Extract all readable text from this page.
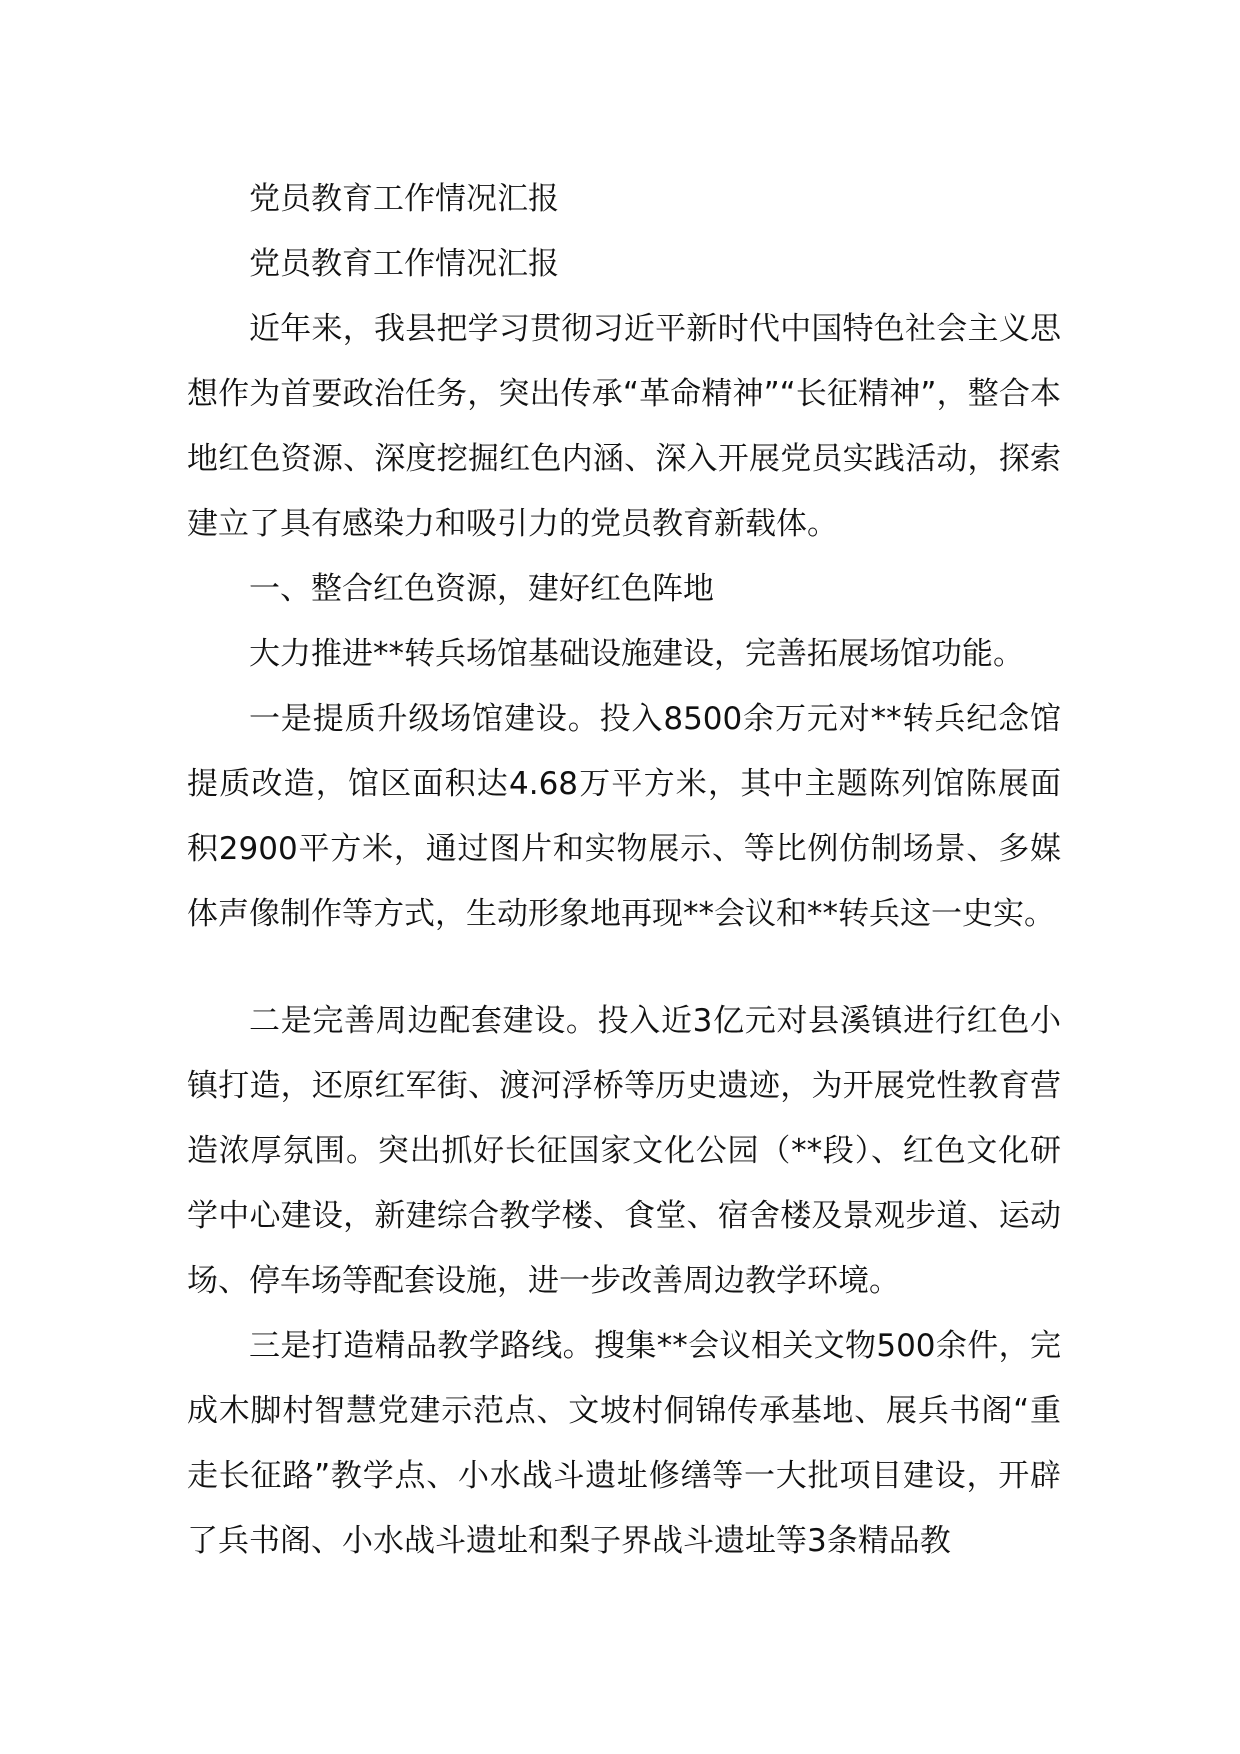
党员教育工作情况汇报

党员教育工作情况汇报

近年来，我县把学习贯彻习近平新时代中国特色社会主义思想作为首要政治任务，突出传承“革命精神”“长征精神”，整合本地红色资源、深度挖掘红色内涵、深入开展党员实践活动，探索建立了具有感染力和吸引力的党员教育新载体。

一、整合红色资源，建好红色阵地

大力推进**转兵场馆基础设施建设，完善拓展场馆功能。

一是提质升级场馆建设。投入8500余万元对**转兵纪念馆提质改造，馆区面积达4.68万平方米，其中主题陈列馆陈展面积2900平方米，通过图片和实物展示、等比例仿制场景、多媒体声像制作等方式，生动形象地再现**会议和**转兵这一史实。

二是完善周边配套建设。投入近3亿元对县溪镇进行红色小镇打造，还原红军街、渡河浮桥等历史遗迹，为开展党性教育营造浓厚氛围。突出抓好长征国家文化公园（**段）、红色文化研学中心建设，新建综合教学楼、食堂、宿舍楼及景观步道、运动场、停车场等配套设施，进一步改善周边教学环境。

三是打造精品教学路线。搜集**会议相关文物500余件，完成木脚村智慧党建示范点、文坡村侗锦传承基地、展兵书阁“重走长征路”教学点、小水战斗遗址修缮等一大批项目建设，开辟了兵书阁、小水战斗遗址和梨子界战斗遗址等3条精品教
